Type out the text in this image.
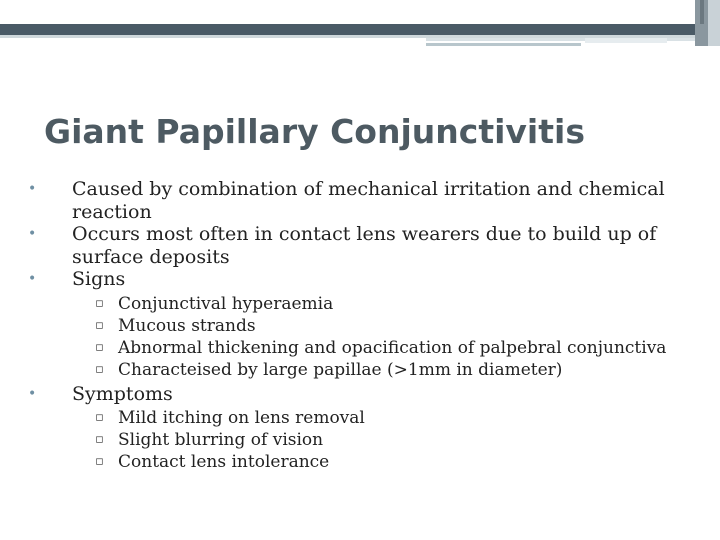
Giant Papillary Conjunctivitis
•	Caused by combination of mechanical irritation and chemical reaction
•	Occurs most often in contact lens wearers due to build up of surface deposits
•	Signs
▫ Conjunctival hyperaemia
▫ Mucous strands
▫ Abnormal thickening and opacification of palpebral conjunctiva
▫ Characteised by large papillae (>1mm in diameter)
•	Symptoms
▫ Mild itching on lens removal
▫ Slight blurring of vision
▫ Contact lens intolerance
